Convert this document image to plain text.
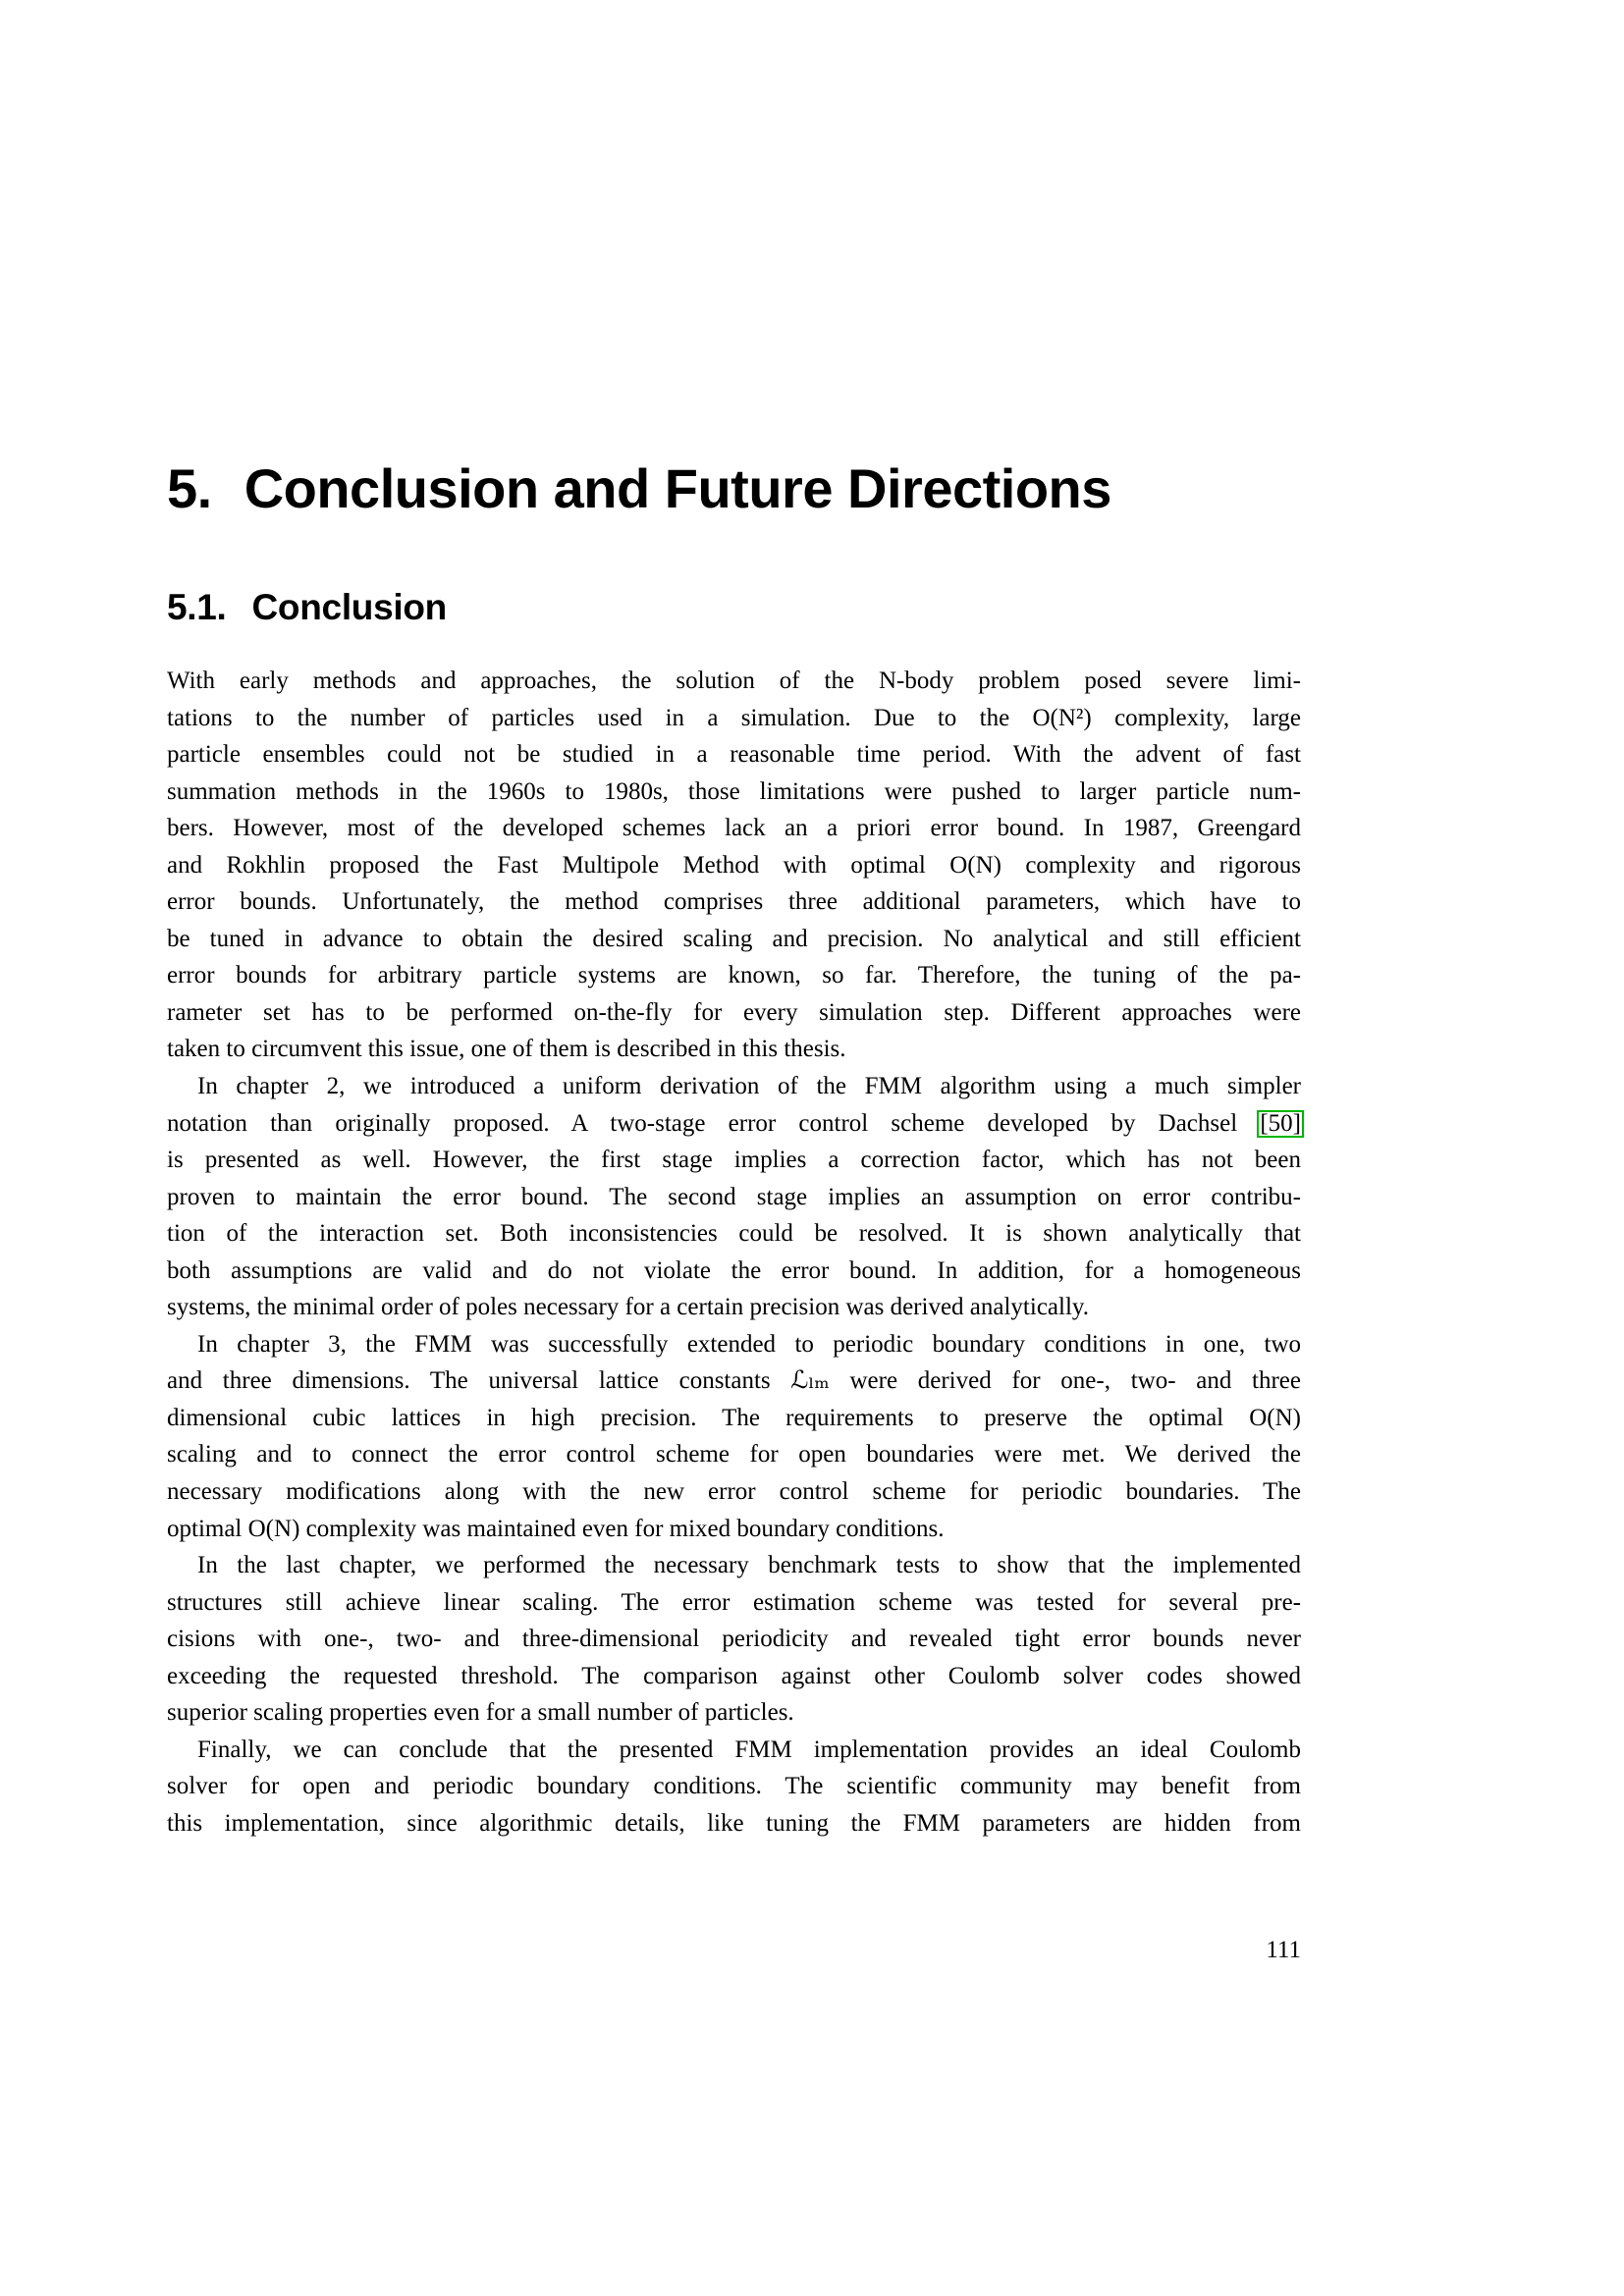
5. Conclusion and Future Directions
5.1. Conclusion
With early methods and approaches, the solution of the N-body problem posed severe limi-
tations to the number of particles used in a simulation. Due to the O(N²) complexity, large
particle ensembles could not be studied in a reasonable time period. With the advent of fast
summation methods in the 1960s to 1980s, those limitations were pushed to larger particle num-
bers. However, most of the developed schemes lack an a priori error bound. In 1987, Greengard
and Rokhlin proposed the Fast Multipole Method with optimal O(N) complexity and rigorous
error bounds. Unfortunately, the method comprises three additional parameters, which have to
be tuned in advance to obtain the desired scaling and precision. No analytical and still efficient
error bounds for arbitrary particle systems are known, so far. Therefore, the tuning of the pa-
rameter set has to be performed on-the-fly for every simulation step. Different approaches were
taken to circumvent this issue, one of them is described in this thesis.
In chapter 2, we introduced a uniform derivation of the FMM algorithm using a much simpler
notation than originally proposed. A two-stage error control scheme developed by Dachsel [50]
is presented as well. However, the first stage implies a correction factor, which has not been
proven to maintain the error bound. The second stage implies an assumption on error contribu-
tion of the interaction set. Both inconsistencies could be resolved. It is shown analytically that
both assumptions are valid and do not violate the error bound. In addition, for a homogeneous
systems, the minimal order of poles necessary for a certain precision was derived analytically.
In chapter 3, the FMM was successfully extended to periodic boundary conditions in one, two
and three dimensions. The universal lattice constants ℒₗₘ were derived for one-, two- and three
dimensional cubic lattices in high precision. The requirements to preserve the optimal O(N)
scaling and to connect the error control scheme for open boundaries were met. We derived the
necessary modifications along with the new error control scheme for periodic boundaries. The
optimal O(N) complexity was maintained even for mixed boundary conditions.
In the last chapter, we performed the necessary benchmark tests to show that the implemented
structures still achieve linear scaling. The error estimation scheme was tested for several pre-
cisions with one-, two- and three-dimensional periodicity and revealed tight error bounds never
exceeding the requested threshold. The comparison against other Coulomb solver codes showed
superior scaling properties even for a small number of particles.
Finally, we can conclude that the presented FMM implementation provides an ideal Coulomb
solver for open and periodic boundary conditions. The scientific community may benefit from
this implementation, since algorithmic details, like tuning the FMM parameters are hidden from
111
